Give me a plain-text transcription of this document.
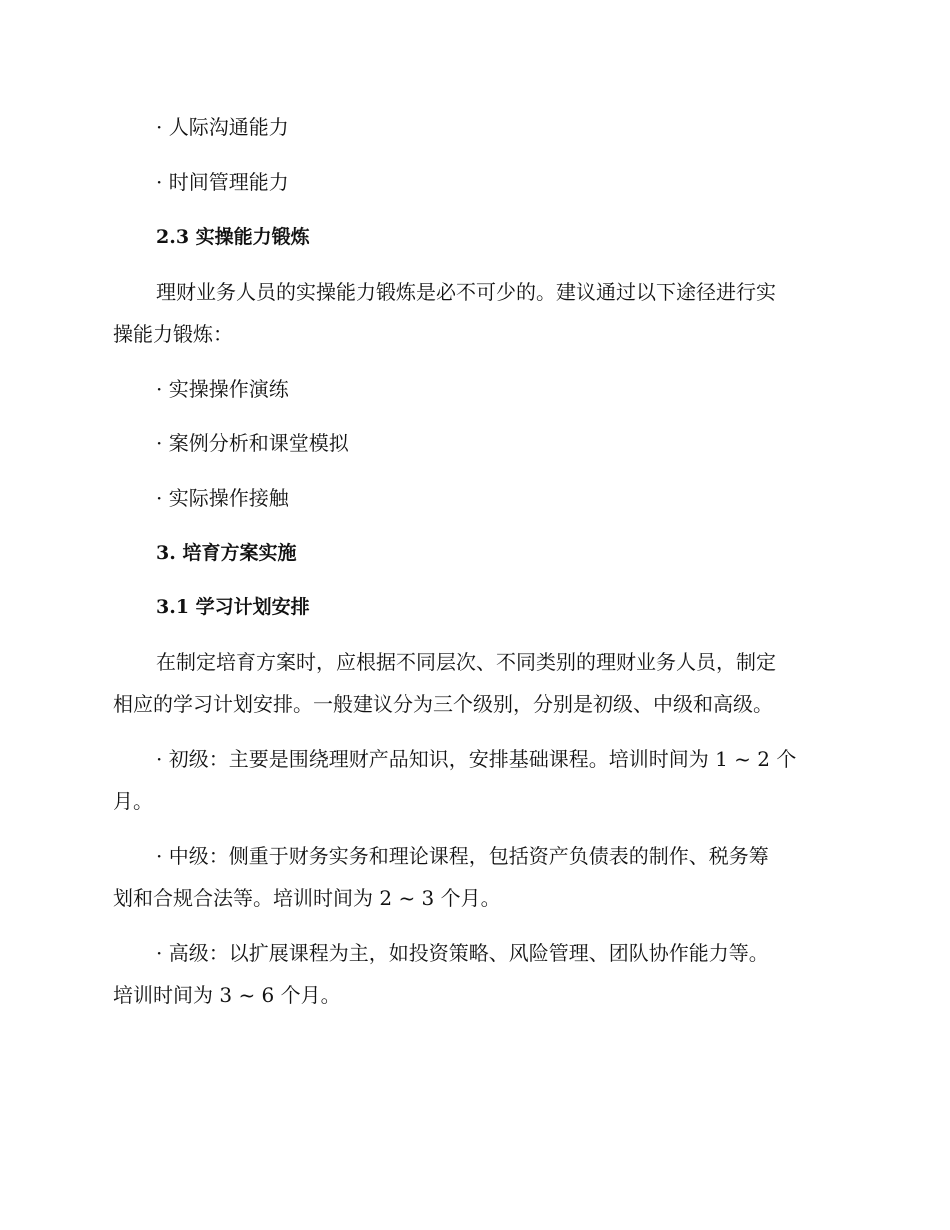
· 人际沟通能力
· 时间管理能力
2.3 实操能力锻炼
理财业务人员的实操能力锻炼是必不可少的。建议通过以下途径进行实
操能力锻炼：
· 实操操作演练
· 案例分析和课堂模拟
· 实际操作接触
3. 培育方案实施
3.1 学习计划安排
在制定培育方案时，应根据不同层次、不同类别的理财业务人员，制定
相应的学习计划安排。一般建议分为三个级别，分别是初级、中级和高级。
· 初级：主要是围绕理财产品知识，安排基础课程。培训时间为 1 ~ 2 个
月。
· 中级：侧重于财务实务和理论课程，包括资产负债表的制作、税务筹
划和合规合法等。培训时间为 2 ~ 3 个月。
· 高级：以扩展课程为主，如投资策略、风险管理、团队协作能力等。
培训时间为 3 ~ 6 个月。
